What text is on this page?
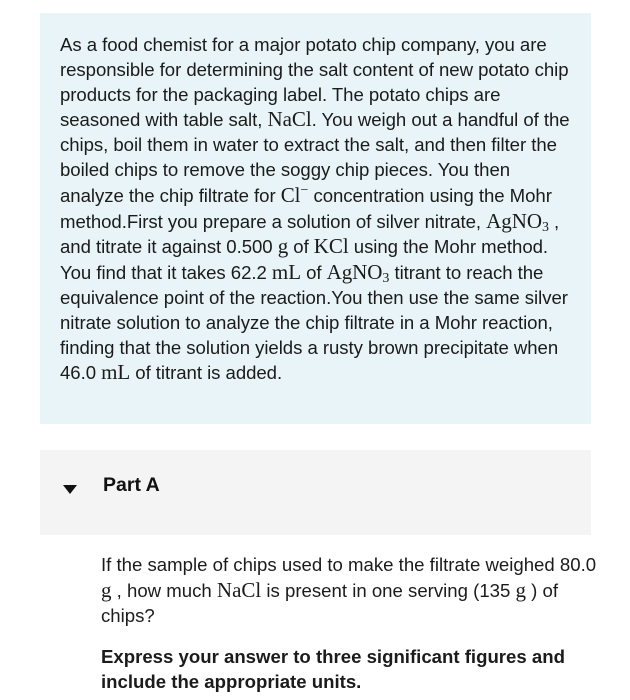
As a food chemist for a major potato chip company, you are responsible for determining the salt content of new potato chip products for the packaging label. The potato chips are seasoned with table salt, NaCl. You weigh out a handful of the chips, boil them in water to extract the salt, and then filter the boiled chips to remove the soggy chip pieces. You then analyze the chip filtrate for Cl− concentration using the Mohr method.First you prepare a solution of silver nitrate, AgNO$_3$ , and titrate it against 0.500 g of KCl using the Mohr method. You find that it takes 62.2 mL of AgNO$_3$ titrant to reach the equivalence point of the reaction.You then use the same silver nitrate solution to analyze the chip filtrate in a Mohr reaction, finding that the solution yields a rusty brown precipitate when 46.0 mL of titrant is added.

Part A

If the sample of chips used to make the filtrate weighed 80.0 g , how much NaCl is present in one serving (135 g ) of chips?

Express your answer to three significant figures and include the appropriate units.
